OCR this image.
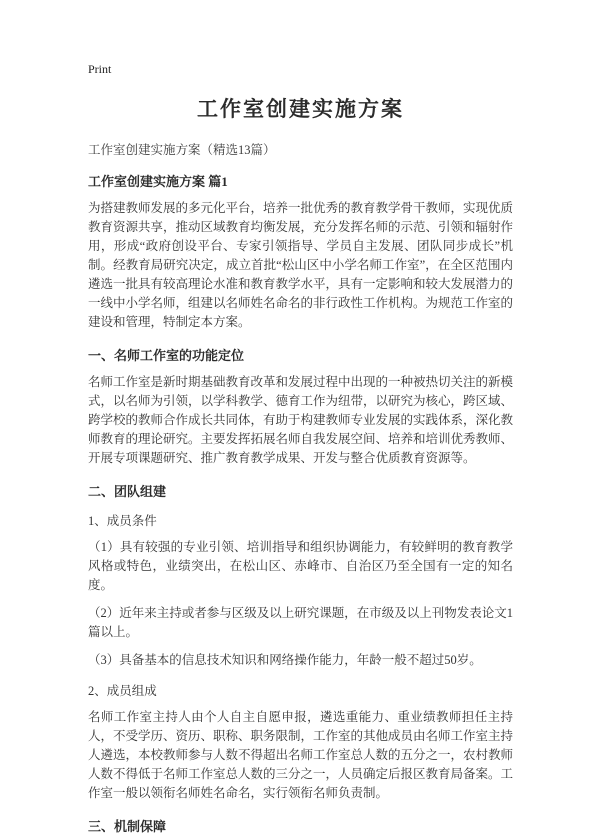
Print
工作室创建实施方案
工作室创建实施方案（精选13篇）
工作室创建实施方案 篇1

为搭建教师发展的多元化平台，培养一批优秀的教育教学骨干教师，实现优质教育资源共享，推动区域教育均衡发展，充分发挥名师的示范、引领和辐射作用，形成“政府创设平台、专家引领指导、学员自主发展、团队同步成长”机制。经教育局研究决定，成立首批“松山区中小学名师工作室”，在全区范围内遴选一批具有较高理论水准和教育教学水平，具有一定影响和较大发展潜力的一线中小学名师，组建以名师姓名命名的非行政性工作机构。为规范工作室的建设和管理，特制定本方案。

一、名师工作室的功能定位

名师工作室是新时期基础教育改革和发展过程中出现的一种被热切关注的新模式，以名师为引领，以学科教学、德育工作为纽带，以研究为核心，跨区域、跨学校的教师合作成长共同体，有助于构建教师专业发展的实践体系，深化教师教育的理论研究。主要发挥拓展名师自我发展空间、培养和培训优秀教师、开展专项课题研究、推广教育教学成果、开发与整合优质教育资源等。

二、团队组建
1、成员条件

（1）具有较强的专业引领、培训指导和组织协调能力，有较鲜明的教育教学风格或特色，业绩突出，在松山区、赤峰市、自治区乃至全国有一定的知名度。

（2）近年来主持或者参与区级及以上研究课题，在市级及以上刊物发表论文1篇以上。

（3）具备基本的信息技术知识和网络操作能力，年龄一般不超过50岁。

2、成员组成

名师工作室主持人由个人自主自愿申报，遴选重能力、重业绩教师担任主持人，不受学历、资历、职称、职务限制，工作室的其他成员由名师工作室主持人遴选，本校教师参与人数不得超出名师工作室总人数的五分之一，农村教师人数不得低于名师工作室总人数的三分之一，人员确定后报区教育局备案。工作室一般以领衔名师姓名命名，实行领衔名师负责制。

三、机制保障
